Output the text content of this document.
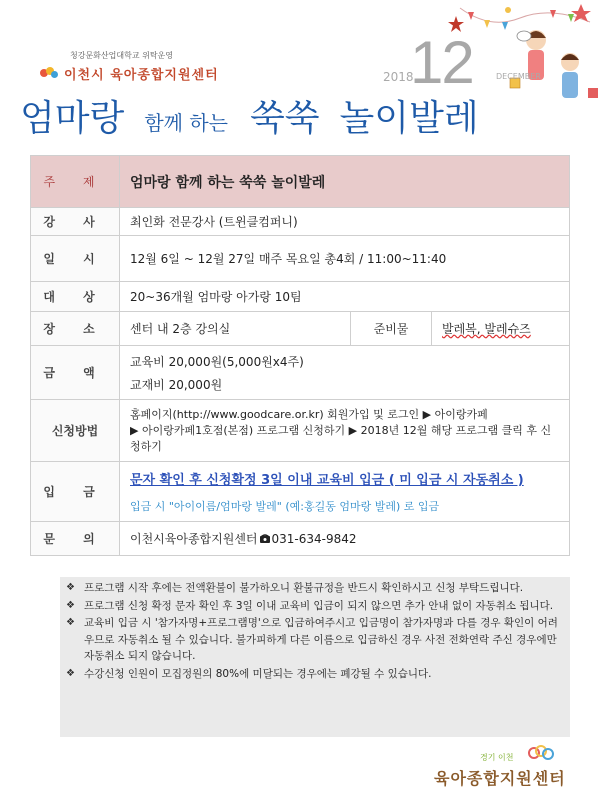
청강문화산업대학교 위탁운영
이천시 육아종합지원센터	2018
12	DECEMBER
엄마랑 함께 하는 쑥쑥 놀이발레
주 제	엄마랑 함께 하는 쑥쑥 놀이발레		
강 사	최인화 전문강사 (트윈클컴퍼니)		
일 시	12월 6일 ~ 12월 27일 매주 목요일 총4회 / 11:00~11:40		
대 상	20~36개월 엄마랑 아가랑 10팀		
장 소	센터 내 2층 강의실	준비물	발레복, 발레슈즈
금 액	교육비 20,000원(5,000원x4주)
교재비 20,000원		

신청방법	홈페이지(http://www.goodcare.or.kr) 회원가입 및 로그인 ▶ 아이랑카페
▶ 아이랑카페1호점(본점) 프로그램 신청하기 ▶ 2018년 12월 해당 프로그램 클릭 후 신청하기		

입 금	문자 확인 후 신청확정 3일 이내 교육비 입금 ( 미 입금 시 자동취소 )
입금 시 "아이이름/엄마랑 발레" (예:홍길동 엄마랑 발레) 로 입금		

문 의	이천시육아종합지원센터 031-634-9842		
❖ 프로그램 시작 후에는 전액환불이 불가하오니 환불규정을 반드시 확인하시고 신청 부탁드립니다.
❖ 프로그램 신청 확정 문자 확인 후 3일 이내 교육비 입금이 되지 않으면 추가 안내 없이 자동취소 됩니다.
❖ 교육비 입금 시 '참가자명+프로그램명'으로 입금하여주시고 입금명이 참가자명과 다를 경우 확인이 어려우므로 자동취소 될 수 있습니다. 불가피하게 다른 이름으로 입금하신 경우 사전 전화연락 주신 경우에만 자동취소 되지 않습니다.
❖ 수강신청 인원이 모집정원의 80%에 미달되는 경우에는 폐강될 수 있습니다.
경기 이천
육아종합지원센터
